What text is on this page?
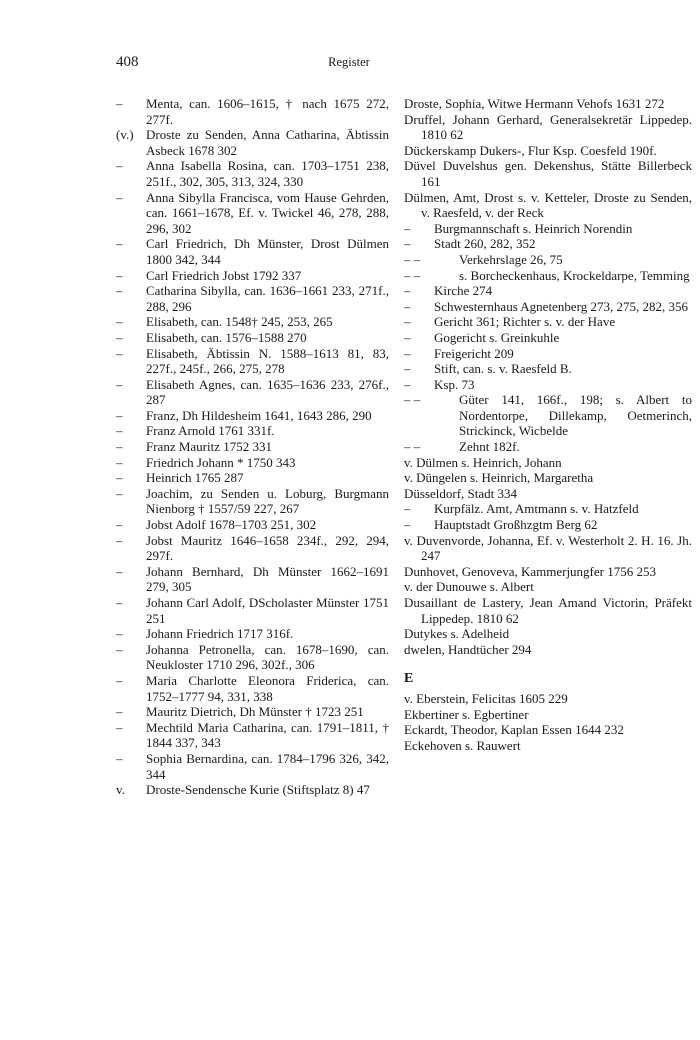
408	Register

– Menta, can. 1606–1615, † nach 1675 272, 277f.

(v.) Droste zu Senden, Anna Catharina, Äbtissin Asbeck 1678 302

– Anna Isabella Rosina, can. 1703–1751 238, 251f., 302, 305, 313, 324, 330

– Anna Sibylla Francisca, vom Hause Gehrden, can. 1661–1678, Ef. v. Twickel 46, 278, 288, 296, 302

– Carl Friedrich, Dh Münster, Drost Dülmen 1800 342, 344

– Carl Friedrich Jobst 1792 337

– Catharina Sibylla, can. 1636–1661 233, 271f., 288, 296

– Elisabeth, can. 1548† 245, 253, 265

– Elisabeth, can. 1576–1588 270

– Elisabeth, Äbtissin N. 1588–1613 81, 83, 227f., 245f., 266, 275, 278

– Elisabeth Agnes, can. 1635–1636 233, 276f., 287

– Franz, Dh Hildesheim 1641, 1643 286, 290

– Franz Arnold 1761 331f.

– Franz Mauritz 1752 331

– Friedrich Johann * 1750 343

– Heinrich 1765 287

– Joachim, zu Senden u. Loburg, Burgmann Nienborg † 1557/59 227, 267

– Jobst Adolf 1678–1703 251, 302

– Jobst Mauritz 1646–1658 234f., 292, 294, 297f.

– Johann Bernhard, Dh Münster 1662–1691 279, 305

– Johann Carl Adolf, DScholaster Münster 1751 251

– Johann Friedrich 1717 316f.

– Johanna Petronella, can. 1678–1690, can. Neukloster 1710 296, 302f., 306

– Maria Charlotte Eleonora Friderica, can. 1752–1777 94, 331, 338

– Mauritz Dietrich, Dh Münster † 1723 251

– Mechtild Maria Catharina, can. 1791–1811, † 1844 337, 343

– Sophia Bernardina, can. 1784–1796 326, 342, 344

v. Droste-Sendensche Kurie (Stiftsplatz 8) 47

Droste, Sophia, Witwe Hermann Vehofs 1631 272

Druffel, Johann Gerhard, Generalsekretär Lippedep. 1810 62

Dückerskamp Dukers-, Flur Ksp. Coesfeld 190f.

Düvel Duvelshus gen. Dekenshus, Stätte Billerbeck 161

Dülmen, Amt, Drost s. v. Ketteler, Droste zu Senden, v. Raesfeld, v. der Reck

– Burgmannschaft s. Heinrich Norendin

– Stadt 260, 282, 352

– –	Verkehrslage 26, 75

– –	s. Borcheckenhaus, Krockeldarpe, Temming

– Kirche 274

– Schwesternhaus Agnetenberg 273, 275, 282, 356

– Gericht 361; Richter s. v. der Have

– Gogericht s. Greinkuhle

– Freigericht 209

– Stift, can. s. v. Raesfeld B.

– Ksp. 73

– –	Güter 141, 166f., 198; s. Albert to Nordentorpe, Dillekamp, Oetmerinch, Strickinck, Wicbelde

– –	Zehnt 182f.

v. Dülmen s. Heinrich, Johann

v. Düngelen s. Heinrich, Margaretha

Düsseldorf, Stadt 334

– Kurpfälz. Amt, Amtmann s. v. Hatzfeld

– Hauptstadt Großhzgtm Berg 62

v. Duvenvorde, Johanna, Ef. v. Westerholt 2. H. 16. Jh. 247

Dunhovet, Genoveva, Kammerjungfer 1756 253

v. der Dunouwe s. Albert

Dusaillant de Lastery, Jean Amand Victorin, Präfekt Lippedep. 1810 62

Dutykes s. Adelheid

dwelen, Handtücher 294

E

v. Eberstein, Felicitas 1605 229

Ekbertiner s. Egbertiner

Eckardt, Theodor, Kaplan Essen 1644 232

Eckehoven s. Rauwert
